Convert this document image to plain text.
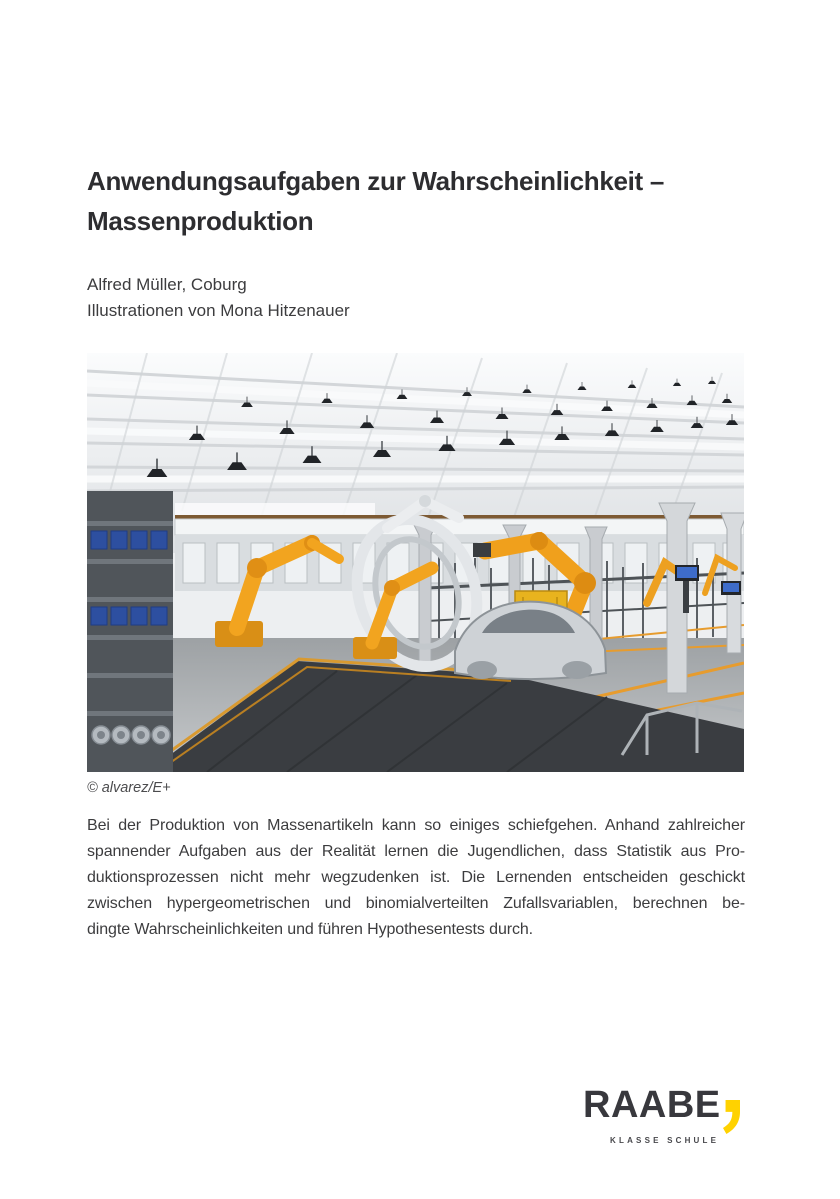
Anwendungsaufgaben zur Wahrscheinlichkeit –
Massenproduktion
Alfred Müller, Coburg
Illustrationen von Mona Hitzenauer
© alvarez/E+
Bei der Produktion von Massenartikeln kann so einiges schiefgehen. Anhand zahlreicher
spannender Aufgaben aus der Realität lernen die Jugendlichen, dass Statistik aus Pro-
duktionsprozessen nicht mehr wegzudenken ist. Die Lernenden entscheiden geschickt
zwischen hypergeometrischen und binomialverteilten Zufallsvariablen, berechnen be-
dingte Wahrscheinlichkeiten und führen Hypothesentests durch.
RAABE
KLASSE SCHULE
